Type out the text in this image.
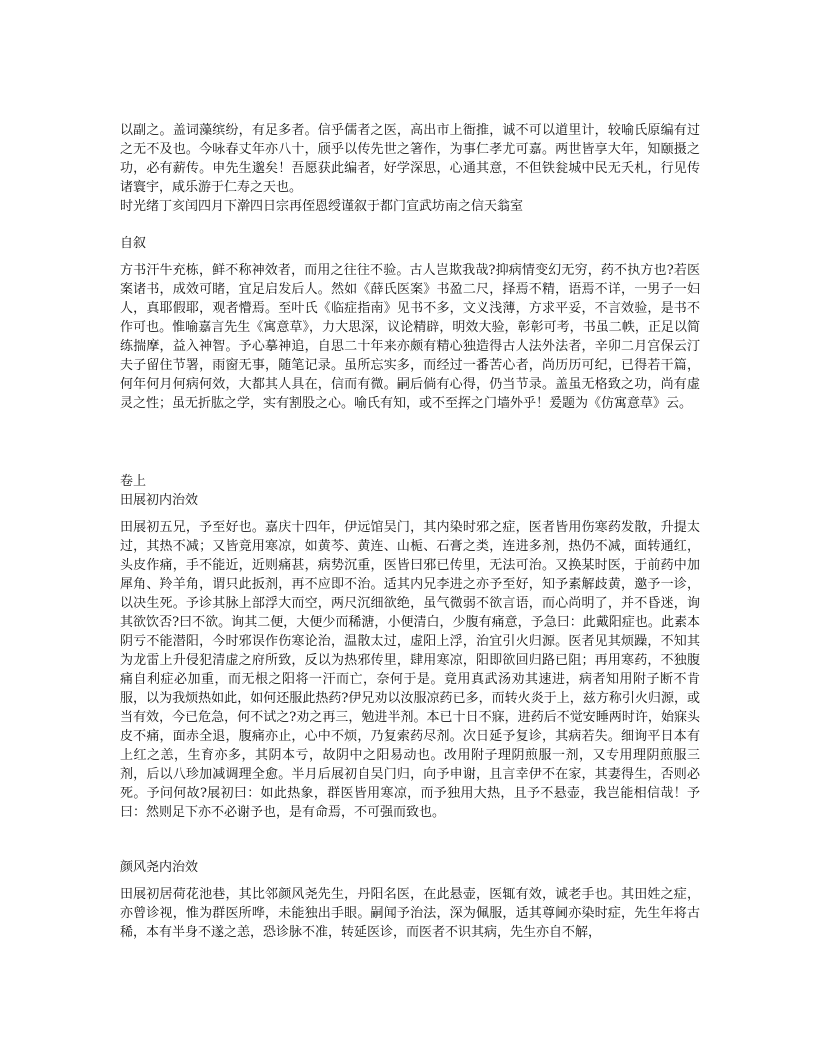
以副之。盖词藻缤纷，有足多者。信乎儒者之医，高出市上衙推，诚不可以道里计，较喻氏原编有过之无不及也。今咏春丈年亦八十，颀乎以传先世之箸作，为事仁孝尤可嘉。两世皆享大年，知颐摄之功，必有薪传。申先生邈矣！吾愿获此编者，好学深思，心通其意，不但铁瓮城中民无夭札，行见传诸寰宇，咸乐游于仁寿之天也。

时光绪丁亥闰四月下澣四日宗再侄恩绶谨叙于都门宣武坊南之信天翁室

自叙

方书汗牛充栋，鲜不称神效者，而用之往往不验。古人岂欺我哉?抑病情变幻无穷，药不执方也?若医案诸书，成效可睹，宜足启发后人。然如《薛氏医案》书盈二尺，择焉不精，语焉不详，一男子一妇人，真耶假耶，观者懵焉。至叶氏《临症指南》见书不多，文义浅薄，方求平妥，不言效验，是书不作可也。惟喻嘉言先生《寓意草》，力大思深，议论精辟，明效大验，彰彰可考，书虽二帙，正足以简练揣摩，益入神智。予心摹神追，自思二十年来亦颇有精心独造得古人法外法者，辛卯二月宫保云汀夫子留住节署，雨窗无事，随笔记录。虽所忘实多，而经过一番苦心者，尚历历可纪，已得若干篇，何年何月何病何效，大都其人具在，信而有微。嗣后倘有心得，仍当节录。盖虽无格致之功，尚有虚灵之性；虽无折肱之学，实有割股之心。喻氏有知，或不至挥之门墙外乎！爰题为《仿寓意草》云。

卷上

田展初内治效

田展初五兄，予至好也。嘉庆十四年，伊远馆吴门，其内染时邪之症，医者皆用伤寒药发散，升提太过，其热不减；又皆竟用寒凉，如黄芩、黄连、山栀、石膏之类，连进多剂，热仍不减，面转通红，头皮作痛，手不能近，近则痛甚，病势沉重，医皆曰邪已传里，无法可治。又换某时医，于前药中加犀角、羚羊角，谓只此扳剂，再不应即不治。适其内兄李进之亦予至好，知予素解歧黄，邀予一诊，以决生死。予诊其脉上部浮大而空，两尺沉细欲绝，虽气微弱不欲言语，而心尚明了，并不昏迷，询其欲饮否?曰不欲。询其二便，大便少而稀溏，小便清白，少腹有痛意，予急曰：此戴阳症也。此素本阴亏不能潜阳，今时邪误作伤寒论治，温散太过，虚阳上浮，治宜引火归源。医者见其烦躁，不知其为龙雷上升侵犯清虚之府所致，反以为热邪传里，肆用寒凉，阳即欲回归路已阻；再用寒药，不独腹痛自利症必加重，而无根之阳将一汗而亡，奈何于是。竟用真武汤劝其速进，病者知用附子断不肯服，以为我烦热如此，如何还服此热药?伊兄劝以汝服凉药已多，而转火炎于上，兹方称引火归源，或当有效，今已危急，何不试之?劝之再三，勉进半剂。本已十日不寐，进药后不觉安睡两时许，始寐头皮不痛，面赤全退，腹痛亦止，心中不烦，乃复索药尽剂。次日延予复诊，其病若失。细询平日本有上红之恙，生育亦多，其阴本亏，故阴中之阳易动也。改用附子理阴煎服一剂，又专用理阴煎服三剂，后以八珍加减调理全愈。半月后展初自吴门归，向予申谢，且言幸伊不在家，其妻得生，否则必死。予问何故?展初曰：如此热象，群医皆用寒凉，而予独用大热，且予不悬壶，我岂能相信哉！予曰：然则足下亦不必谢予也，是有命焉，不可强而致也。

颜风尧内治效

田展初居荷花池巷，其比邻颜风尧先生，丹阳名医，在此悬壶，医辄有效，诚老手也。其田姓之症，亦曾诊视，惟为群医所哗，未能独出手眼。嗣闻予治法，深为佩服，适其尊阃亦染时症，先生年将古稀，本有半身不遂之恙，恐诊脉不准，转延医诊，而医者不识其病，先生亦自不解，
